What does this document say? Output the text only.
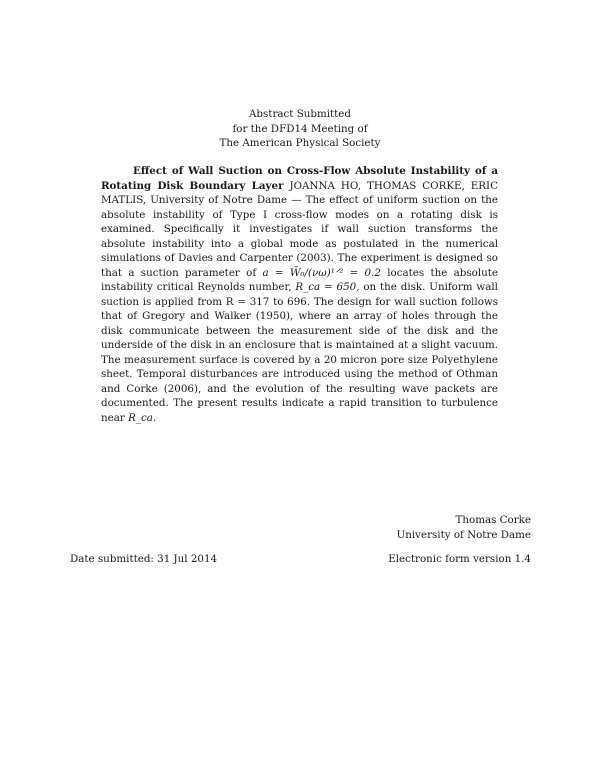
Abstract Submitted
for the DFD14 Meeting of
The American Physical Society
Effect of Wall Suction on Cross-Flow Absolute Instability of a Rotating Disk Boundary Layer JOANNA HO, THOMAS CORKE, ERIC MATLIS, University of Notre Dame — The effect of uniform suction on the absolute instability of Type I cross-flow modes on a rotating disk is examined. Specifically it investigates if wall suction transforms the absolute instability into a global mode as postulated in the numerical simulations of Davies and Carpenter (2003). The experiment is designed so that a suction parameter of a = W̄₀/(νω)¹ᐟ² = 0.2 locates the absolute instability critical Reynolds number, R_ca = 650, on the disk. Uniform wall suction is applied from R = 317 to 696. The design for wall suction follows that of Gregory and Walker (1950), where an array of holes through the disk communicate between the measurement side of the disk and the underside of the disk in an enclosure that is maintained at a slight vacuum. The measurement surface is covered by a 20 micron pore size Polyethylene sheet. Temporal disturbances are introduced using the method of Othman and Corke (2006), and the evolution of the resulting wave packets are documented. The present results indicate a rapid transition to turbulence near R_ca.
Thomas Corke
University of Notre Dame
Date submitted: 31 Jul 2014	Electronic form version 1.4
